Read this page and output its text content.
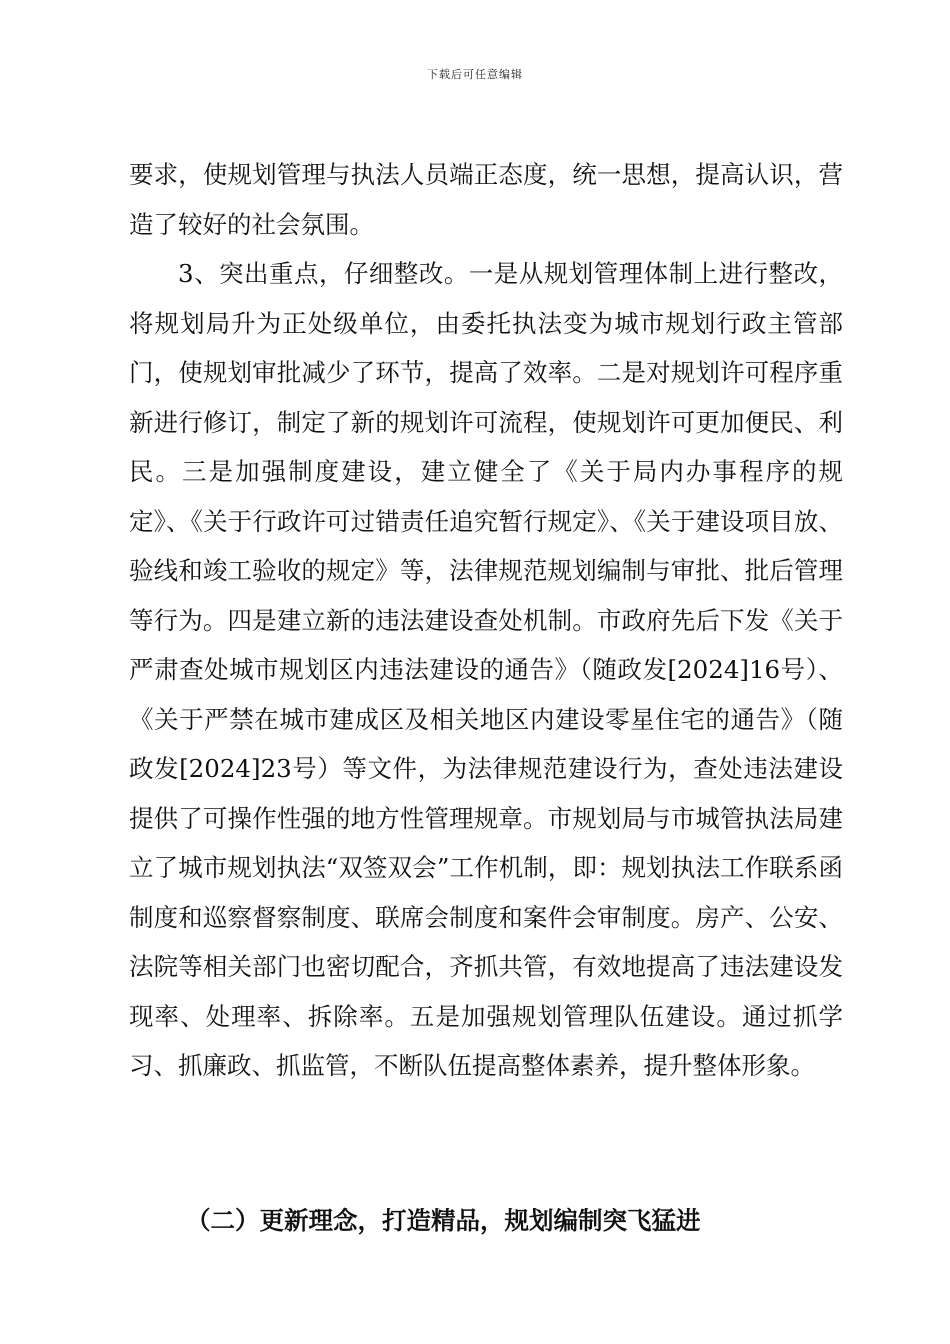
下载后可任意编辑

要求，使规划管理与执法人员端正态度，统一思想，提高认识，营造了较好的社会氛围。

3、突出重点，仔细整改。一是从规划管理体制上进行整改，将规划局升为正处级单位，由委托执法变为城市规划行政主管部门，使规划审批减少了环节，提高了效率。二是对规划许可程序重新进行修订，制定了新的规划许可流程，使规划许可更加便民、利民。三是加强制度建设，建立健全了《关于局内办事程序的规定》、《关于行政许可过错责任追究暂行规定》、《关于建设项目放、验线和竣工验收的规定》等，法律规范规划编制与审批、批后管理等行为。四是建立新的违法建设查处机制。市政府先后下发《关于严肃查处城市规划区内违法建设的通告》（随政发[2024]16号）、《关于严禁在城市建成区及相关地区内建设零星住宅的通告》（随政发[2024]23号）等文件，为法律规范建设行为，查处违法建设提供了可操作性强的地方性管理规章。市规划局与市城管执法局建立了城市规划执法“双签双会”工作机制，即：规划执法工作联系函制度和巡察督察制度、联席会制度和案件会审制度。房产、公安、法院等相关部门也密切配合，齐抓共管，有效地提高了违法建设发现率、处理率、拆除率。五是加强规划管理队伍建设。通过抓学习、抓廉政、抓监管，不断队伍提高整体素养，提升整体形象。

（二）更新理念，打造精品，规划编制突飞猛进
